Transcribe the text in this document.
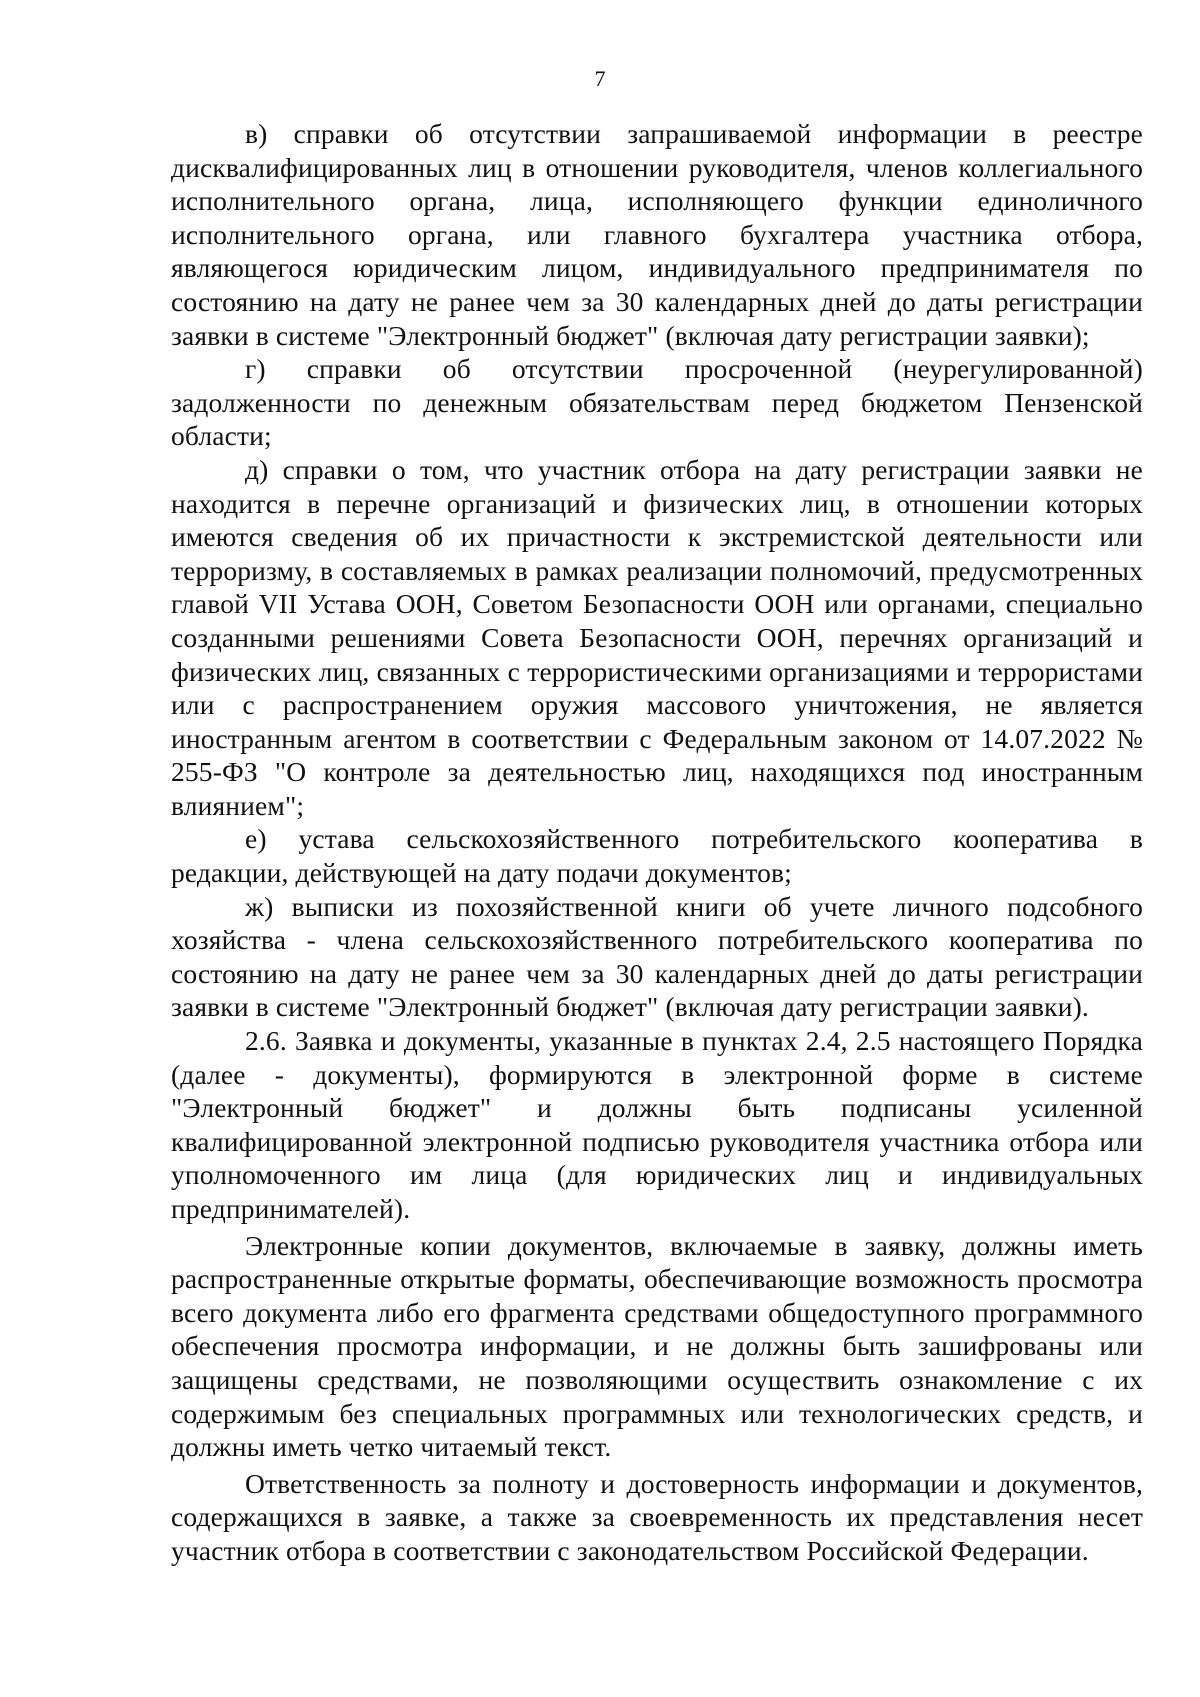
7

в) справки об отсутствии запрашиваемой информации в реестре дисквалифицированных лиц в отношении руководителя, членов коллегиального исполнительного органа, лица, исполняющего функции единоличного исполнительного органа, или главного бухгалтера участника отбора, являющегося юридическим лицом, индивидуального предпринимателя по состоянию на дату не ранее чем за 30 календарных дней до даты регистрации заявки в системе "Электронный бюджет" (включая дату регистрации заявки);

г) справки об отсутствии просроченной (неурегулированной) задолженности по денежным обязательствам перед бюджетом Пензенской области;

д) справки о том, что участник отбора на дату регистрации заявки не находится в перечне организаций и физических лиц, в отношении которых имеются сведения об их причастности к экстремистской деятельности или терроризму, в составляемых в рамках реализации полномочий, предусмотренных главой VII Устава ООН, Советом Безопасности ООН или органами, специально созданными решениями Совета Безопасности ООН, перечнях организаций и физических лиц, связанных с террористическими организациями и террористами или с распространением оружия массового уничтожения, не является иностранным агентом в соответствии с Федеральным законом от 14.07.2022 № 255-ФЗ "О контроле за деятельностью лиц, находящихся под иностранным влиянием";

е) устава сельскохозяйственного потребительского кооператива в редакции, действующей на дату подачи документов;

ж) выписки из похозяйственной книги об учете личного подсобного хозяйства - члена сельскохозяйственного потребительского кооператива по состоянию на дату не ранее чем за 30 календарных дней до даты регистрации заявки в системе "Электронный бюджет" (включая дату регистрации заявки).

2.6. Заявка и документы, указанные в пунктах 2.4, 2.5 настоящего Порядка (далее - документы), формируются в электронной форме в системе "Электронный бюджет" и должны быть подписаны усиленной квалифицированной электронной подписью руководителя участника отбора или уполномоченного им лица (для юридических лиц и индивидуальных предпринимателей).

Электронные копии документов, включаемые в заявку, должны иметь распространенные открытые форматы, обеспечивающие возможность просмотра всего документа либо его фрагмента средствами общедоступного программного обеспечения просмотра информации, и не должны быть зашифрованы или защищены средствами, не позволяющими осуществить ознакомление с их содержимым без специальных программных или технологических средств, и должны иметь четко читаемый текст.

Ответственность за полноту и достоверность информации и документов, содержащихся в заявке, а также за своевременность их представления несет участник отбора в соответствии с законодательством Российской Федерации.
